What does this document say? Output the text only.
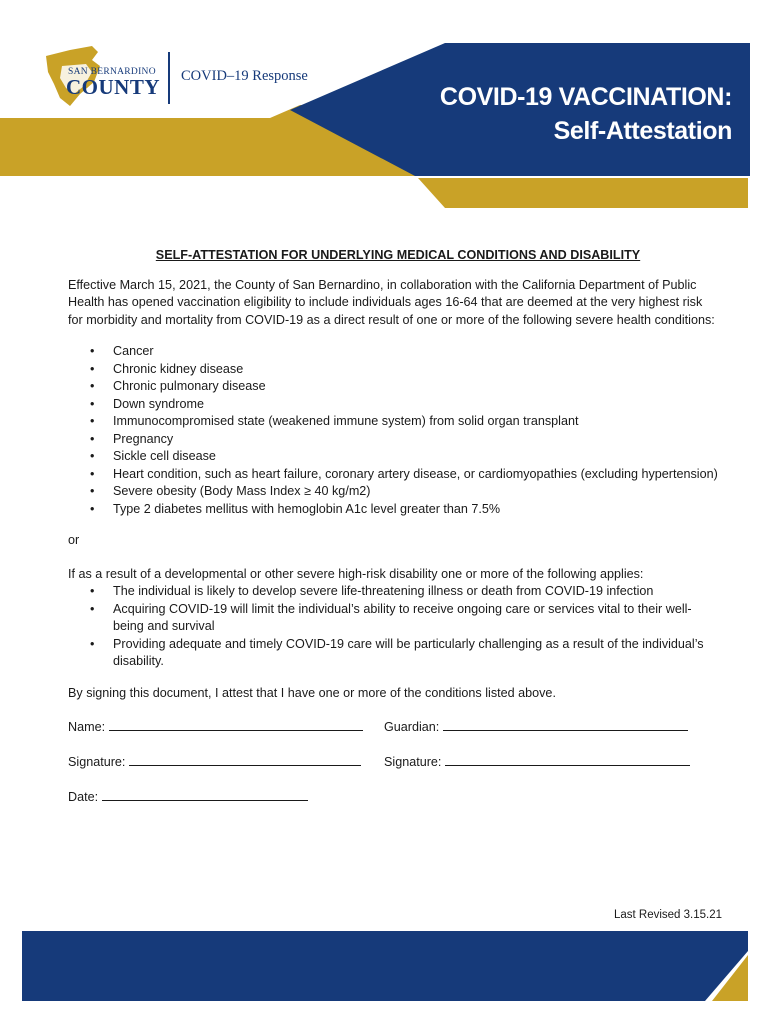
SAN BERNARDINO
COUNTY COVID–19 Response
COVID-19 VACCINATION:
Self-Attestation
SELF-ATTESTATION FOR UNDERLYING MEDICAL CONDITIONS AND DISABILITY

Effective March 15, 2021, the County of San Bernardino, in collaboration with the California Department of Public Health has opened vaccination eligibility to include individuals ages 16-64 that are deemed at the very highest risk for morbidity and mortality from COVID-19 as a direct result of one or more of the following severe health conditions:

• Cancer
• Chronic kidney disease
• Chronic pulmonary disease
• Down syndrome
• Immunocompromised state (weakened immune system) from solid organ transplant
• Pregnancy
• Sickle cell disease
• Heart condition, such as heart failure, coronary artery disease, or cardiomyopathies (excluding hypertension)
• Severe obesity (Body Mass Index ≥ 40 kg/m2)
• Type 2 diabetes mellitus with hemoglobin A1c level greater than 7.5%

or

If as a result of a developmental or other severe high-risk disability one or more of the following applies:

• The individual is likely to develop severe life-threatening illness or death from COVID-19 infection
• Acquiring COVID-19 will limit the individual’s ability to receive ongoing care or services vital to their well-being and survival
• Providing adequate and timely COVID-19 care will be particularly challenging as a result of the individual’s disability.

By signing this document, I attest that I have one or more of the conditions listed above.

Name:	Guardian:
Signature:	Signature:
Date:
Last Revised 3.15.21
